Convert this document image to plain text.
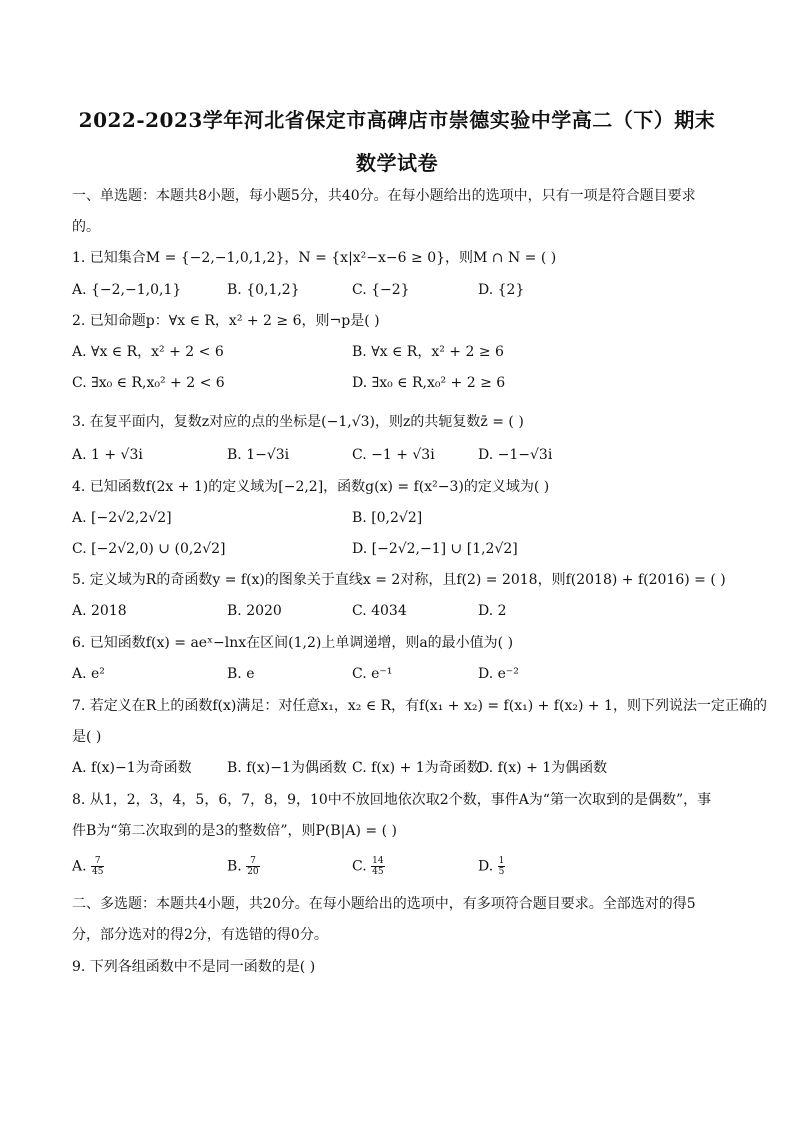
2022-2023学年河北省保定市高碑店市崇德实验中学高二（下）期末
数学试卷
一、单选题：本题共8小题，每小题5分，共40分。在每小题给出的选项中，只有一项是符合题目要求
的。
1. 已知集合M = {−2,−1,0,1,2}，N = {x|x²−x−6 ≥ 0}，则M ∩ N = ( )
A. {−2,−1,0,1}	B. {0,1,2}	C. {−2}	D. {2}
2. 已知命题p：∀x ∈ R，x² + 2 ≥ 6，则¬p是( )
A. ∀x ∈ R，x² + 2 < 6	B. ∀x ∈ R，x² + 2 ≥ 6
C. ∃x₀ ∈ R,x₀² + 2 < 6	D. ∃x₀ ∈ R,x₀² + 2 ≥ 6
3. 在复平面内，复数z对应的点的坐标是(−1,√3)，则z的共轭复数z̄ = ( )
A. 1 + √3i	B. 1−√3i	C. −1 + √3i	D. −1−√3i
4. 已知函数f(2x + 1)的定义域为[−2,2]，函数g(x) = f(x²−3)的定义域为( )
A. [−2√2,2√2]	B. [0,2√2]
C. [−2√2,0) ∪ (0,2√2]	D. [−2√2,−1] ∪ [1,2√2]
5. 定义域为R的奇函数y = f(x)的图象关于直线x = 2对称，且f(2) = 2018，则f(2018) + f(2016) = ( )
A. 2018	B. 2020	C. 4034	D. 2
6. 已知函数f(x) = aeˣ−lnx在区间(1,2)上单调递增，则a的最小值为( )
A. e²	B. e	C. e⁻¹	D. e⁻²
7. 若定义在R上的函数f(x)满足：对任意x₁，x₂ ∈ R，有f(x₁ + x₂) = f(x₁) + f(x₂) + 1，则下列说法一定正确的
是( )
A. f(x)−1为奇函数	B. f(x)−1为偶函数 C. f(x) + 1为奇函数
D. f(x) + 1为偶函数
8. 从1，2，3，4，5，6，7，8，9，10中不放回地依次取2个数，事件A为“第一次取到的是偶数”，事
件B为“第二次取到的是3的整数倍”，则P(B|A) = ( )
A. $\frac{7}{45}$	B. $\frac{7}{20}$	C. $\frac{14}{45}$	D. $\frac{1}{5}$
二、多选题：本题共4小题，共20分。在每小题给出的选项中，有多项符合题目要求。全部选对的得5
分，部分选对的得2分，有选错的得0分。
9. 下列各组函数中不是同一函数的是( )
